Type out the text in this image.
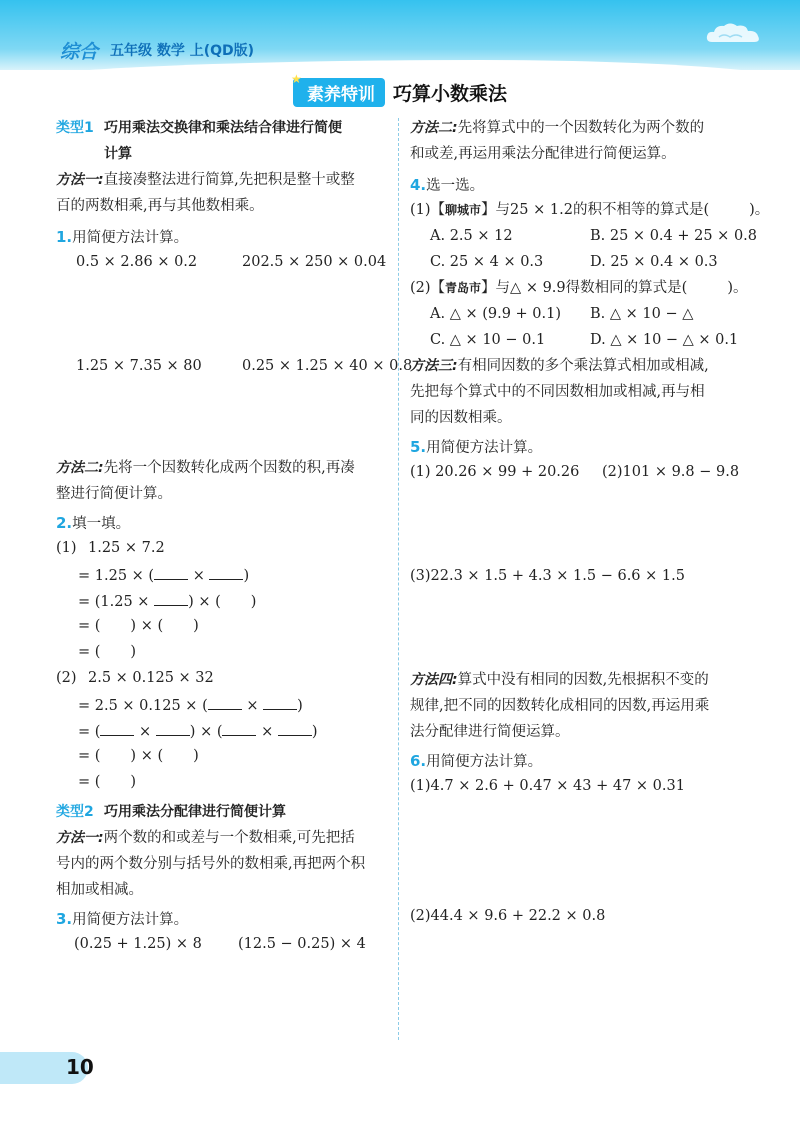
综合 五年级 数学 上(QD版)
★
素养特训 巧算小数乘法
类型1 巧用乘法交换律和乘法结合律进行简便
计算
方法一:直接凑整法进行简算,先把积是整十或整
百的两数相乘,再与其他数相乘。
1.用简便方法计算。
0.5 × 2.86 × 0.2	202.5 × 250 × 0.04
1.25 × 7.35 × 80	0.25 × 1.25 × 40 × 0.8
方法二:先将一个因数转化成两个因数的积,再凑
整进行简便计算。
2.填一填。
(1) 1.25 × 7.2
= 1.25 × (	×	)
= (1.25 ×	) × ( )
= ( ) × ( )
= ( )
(2) 2.5 × 0.125 × 32
= 2.5 × 0.125 × (	×	)
= (	×	) × (	×	)
= ( ) × ( )
= ( )
类型2 巧用乘法分配律进行简便计算
方法一:两个数的和或差与一个数相乘,可先把括
号内的两个数分别与括号外的数相乘,再把两个积
相加或相减。
3.用简便方法计算。
(0.25 + 1.25) × 8 (12.5 − 0.25) × 4
方法二:先将算式中的一个因数转化为两个数的
和或差,再运用乘法分配律进行简便运算。
4.选一选。
(1)【聊城市】与25 × 1.2的积不相等的算式是(	)。
A. 2.5 × 12	B. 25 × 0.4 + 25 × 0.8
C. 25 × 4 × 0.3	D. 25 × 0.4 × 0.3
(2)【青岛市】与△ × 9.9得数相同的算式是(	)。
A. △ × (9.9 + 0.1) B. △ × 10 − △
C. △ × 10 − 0.1	D. △ × 10 − △ × 0.1
方法三:有相同因数的多个乘法算式相加或相减,
先把每个算式中的不同因数相加或相减,再与相
同的因数相乘。
5.用简便方法计算。
(1) 20.26 × 99 + 20.26 (2)101 × 9.8 − 9.8
(3)22.3 × 1.5 + 4.3 × 1.5 − 6.6 × 1.5
方法四:算式中没有相同的因数,先根据积不变的
规律,把不同的因数转化成相同的因数,再运用乘
法分配律进行简便运算。
6.用简便方法计算。
(1)4.7 × 2.6 + 0.47 × 43 + 47 × 0.31
(2)44.4 × 9.6 + 22.2 × 0.8
10
